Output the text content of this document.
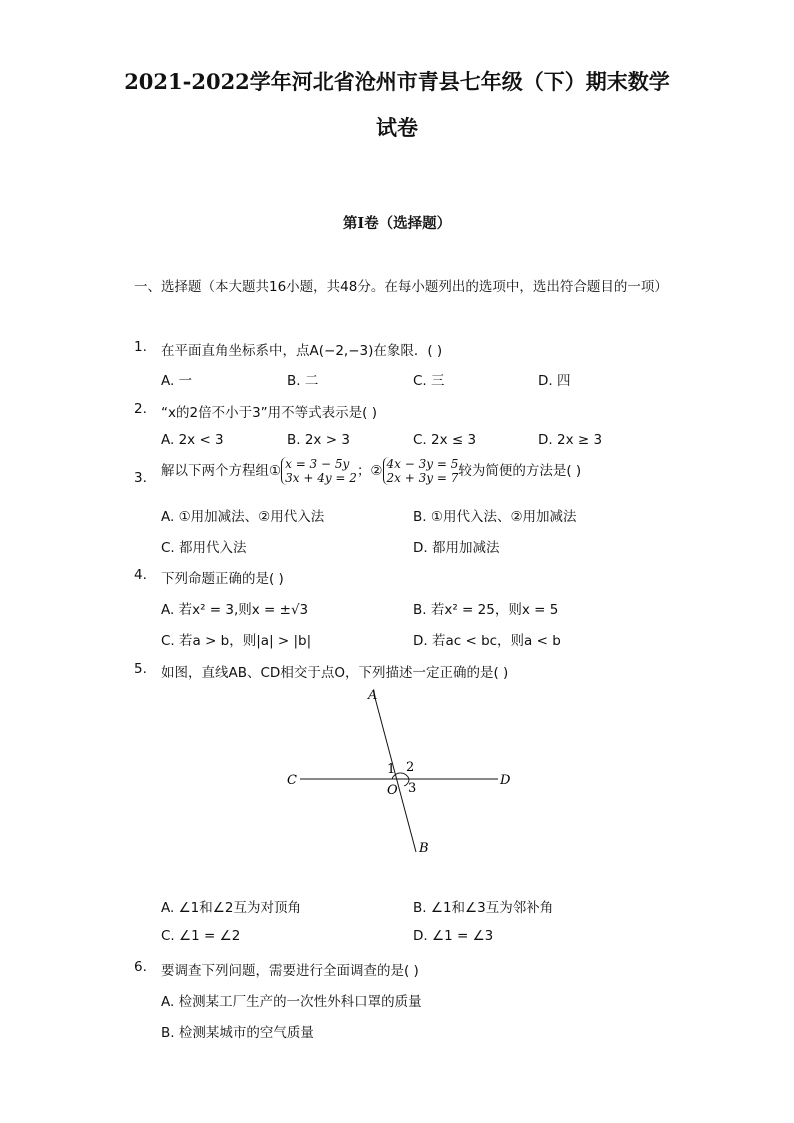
2021-2022学年河北省沧州市青县七年级（下）期末数学
试卷
第I卷（选择题）
一、选择题（本大题共16小题，共48分。在每小题列出的选项中，选出符合题目的一项）
1. 在平面直角坐标系中，点A(−2,−3)在象限．( )
A. 一	B. 二	C. 三	D. 四
2. “x的2倍不小于3”用不等式表示是( )
A. 2x < 3	B. 2x > 3	C. 2x ≤ 3	D. 2x ≥ 3
3. 解以下两个方程组① x = 3 − 5y
3x + 4y = 2 ；② 4x − 3y = 5
2x + 3y = 7 较为简便的方法是( )
A. ①用加减法、②用代入法	B. ①用代入法、②用加减法
C. 都用代入法	D. 都用加减法
4. 下列命题正确的是( )
A. 若x² = 3,则x = ±√3	B. 若x² = 25，则x = 5
C. 若a > b，则|a| > |b|	D. 若ac < bc，则a < b
5. 如图，直线AB、CD相交于点O，下列描述一定正确的是( )
A
B
C	D
O
1 2
3
A. ∠1和∠2互为对顶角	B. ∠1和∠3互为邻补角
C. ∠1 = ∠2	D. ∠1 = ∠3
6. 要调查下列问题，需要进行全面调查的是( )
A. 检测某工厂生产的一次性外科口罩的质量
B. 检测某城市的空气质量
